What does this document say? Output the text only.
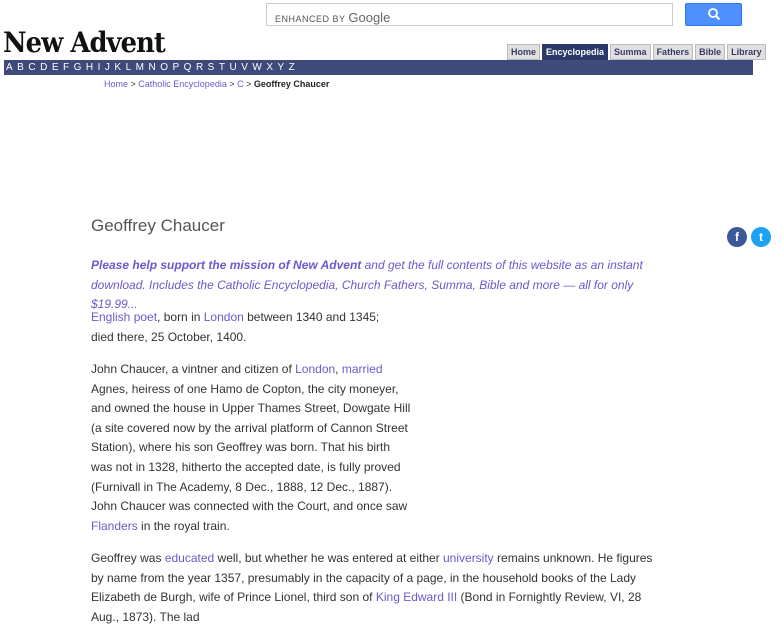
ENHANCED BY Google
New Advent	Home	Encyclopedia	Summa	Fathers	Bible	Library
A B C D E F G H I J K L M N O P Q R S T U V W X Y Z
Home > Catholic Encyclopedia > C > Geoffrey Chaucer
Geoffrey Chaucer
f	t
Please help support the mission of New Advent and get the full contents of this website as an instant download. Includes the Catholic Encyclopedia, Church Fathers, Summa, Bible and more — all for only $19.99...
English poet, born in London between 1340 and 1345; died there, 25 October, 1400.
John Chaucer, a vintner and citizen of London, married Agnes, heiress of one Hamo de Copton, the city moneyer, and owned the house in Upper Thames Street, Dowgate Hill (a site covered now by the arrival platform of Cannon Street Station), where his son Geoffrey was born. That his birth was not in 1328, hitherto the accepted date, is fully proved (Furnivall in The Academy, 8 Dec., 1888, 12 Dec., 1887). John Chaucer was connected with the Court, and once saw Flanders in the royal train.
Geoffrey was educated well, but whether he was entered at either university remains unknown. He figures by name from the year 1357, presumably in the capacity of a page, in the household books of the Lady Elizabeth de Burgh, wife of Prince Lionel, third son of King Edward III (Bond in Fornightly Review, VI, 28 Aug., 1873). The lad
